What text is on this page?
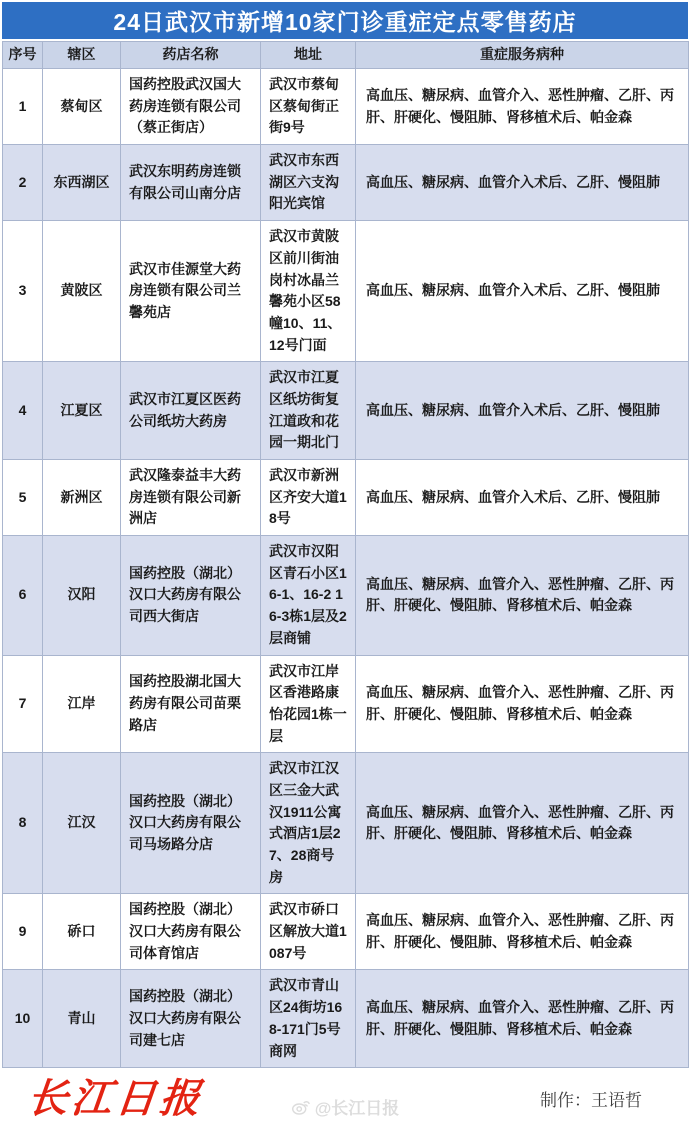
24日武汉市新增10家门诊重症定点零售药店
序号	辖区	药店名称	地址	重症服务病种
1	蔡甸区	国药控股武汉国大药房连锁有限公司（蔡正街店）	武汉市蔡甸区蔡甸街正街9号	高血压、糖尿病、血管介入、恶性肿瘤、乙肝、丙肝、肝硬化、慢阻肺、肾移植术后、帕金森
2	东西湖区	武汉东明药房连锁有限公司山南分店	武汉市东西湖区六支沟阳光宾馆	高血压、糖尿病、血管介入术后、乙肝、慢阻肺
3	黄陂区	武汉市佳源堂大药房连锁有限公司兰馨苑店	武汉市黄陂区前川街油岗村冰晶兰馨苑小区58幢10、11、12号门面	高血压、糖尿病、血管介入术后、乙肝、慢阻肺
4	江夏区	武汉市江夏区医药公司纸坊大药房	武汉市江夏区纸坊街复江道政和花园一期北门	高血压、糖尿病、血管介入术后、乙肝、慢阻肺
5	新洲区	武汉隆泰益丰大药房连锁有限公司新洲店	武汉市新洲区齐安大道18号	高血压、糖尿病、血管介入术后、乙肝、慢阻肺
6	汉阳	国药控股（湖北）汉口大药房有限公司西大街店	武汉市汉阳区青石小区16-1、16-2 16-3栋1层及2层商铺	高血压、糖尿病、血管介入、恶性肿瘤、乙肝、丙肝、肝硬化、慢阻肺、肾移植术后、帕金森
7	江岸	国药控股湖北国大药房有限公司苗栗路店	武汉市江岸区香港路康怡花园1栋一层	高血压、糖尿病、血管介入、恶性肿瘤、乙肝、丙肝、肝硬化、慢阻肺、肾移植术后、帕金森
8	江汉	国药控股（湖北）汉口大药房有限公司马场路分店	武汉市江汉区三金大武汉1911公寓式酒店1层27、28商号房	高血压、糖尿病、血管介入、恶性肿瘤、乙肝、丙肝、肝硬化、慢阻肺、肾移植术后、帕金森
9	硚口	国药控股（湖北）汉口大药房有限公司体育馆店	武汉市硚口区解放大道1087号	高血压、糖尿病、血管介入、恶性肿瘤、乙肝、丙肝、肝硬化、慢阻肺、肾移植术后、帕金森
10	青山	国药控股（湖北）汉口大药房有限公司建七店	武汉市青山区24街坊168-171门5号商网	高血压、糖尿病、血管介入、恶性肿瘤、乙肝、丙肝、肝硬化、慢阻肺、肾移植术后、帕金森
长江日报	@长江日报	制作：王语哲
